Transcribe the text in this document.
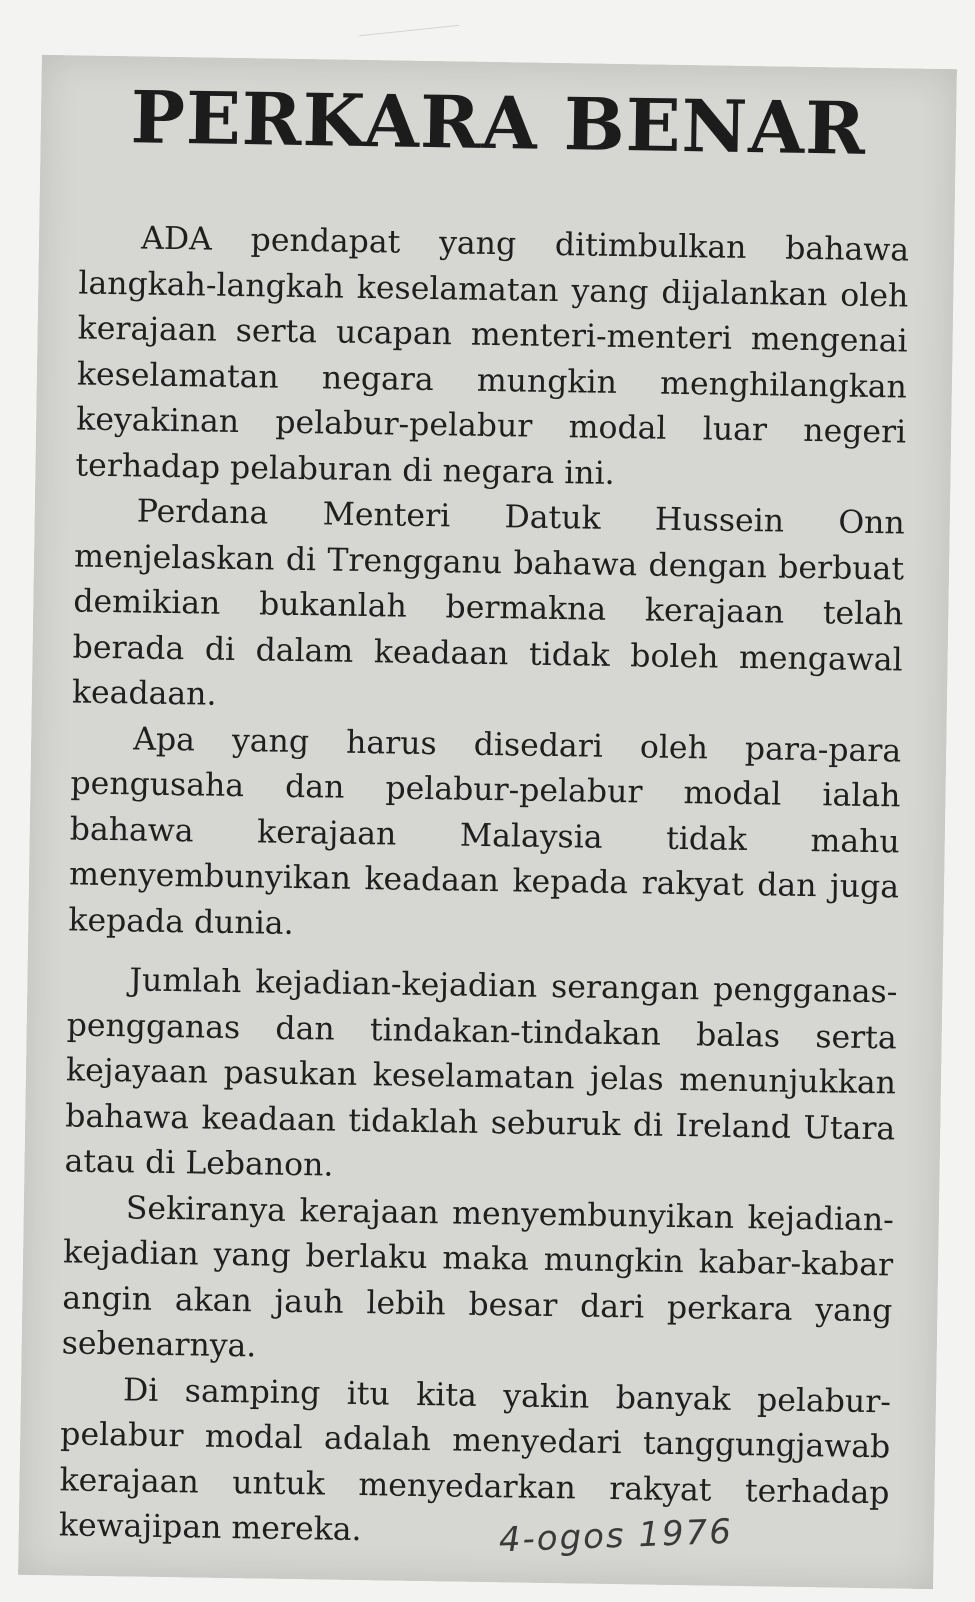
PERKARA BENAR

ADA pendapat yang ditimbulkan bahawa langkah-langkah keselamatan yang dijalankan oleh kerajaan serta ucapan menteri-menteri mengenai keselamatan negara mungkin menghilangkan keyakinan pelabur-pelabur modal luar negeri terhadap pelaburan di negara ini.

Perdana Menteri Datuk Hussein Onn menjelaskan di Trengganu bahawa dengan berbuat demikian bukanlah bermakna kerajaan telah berada di dalam keadaan tidak boleh mengawal keadaan.

Apa yang harus disedari oleh para-para pengusaha dan pelabur-pelabur modal ialah bahawa kerajaan Malaysia tidak mahu menyembunyikan keadaan kepada rakyat dan juga kepada dunia.

Jumlah kejadian-kejadian serangan pengganas-pengganas dan tindakan-tindakan balas serta kejayaan pasukan keselamatan jelas menunjukkan bahawa keadaan tidaklah seburuk di Ireland Utara atau di Lebanon.

Sekiranya kerajaan menyembunyikan kejadian-kejadian yang berlaku maka mungkin kabar-kabar angin akan jauh lebih besar dari perkara yang sebenarnya.

Di samping itu kita yakin banyak pelabur-pelabur modal adalah menyedari tanggungjawab kerajaan untuk menyedarkan rakyat terhadap kewajipan mereka.	4-ogos 1976
